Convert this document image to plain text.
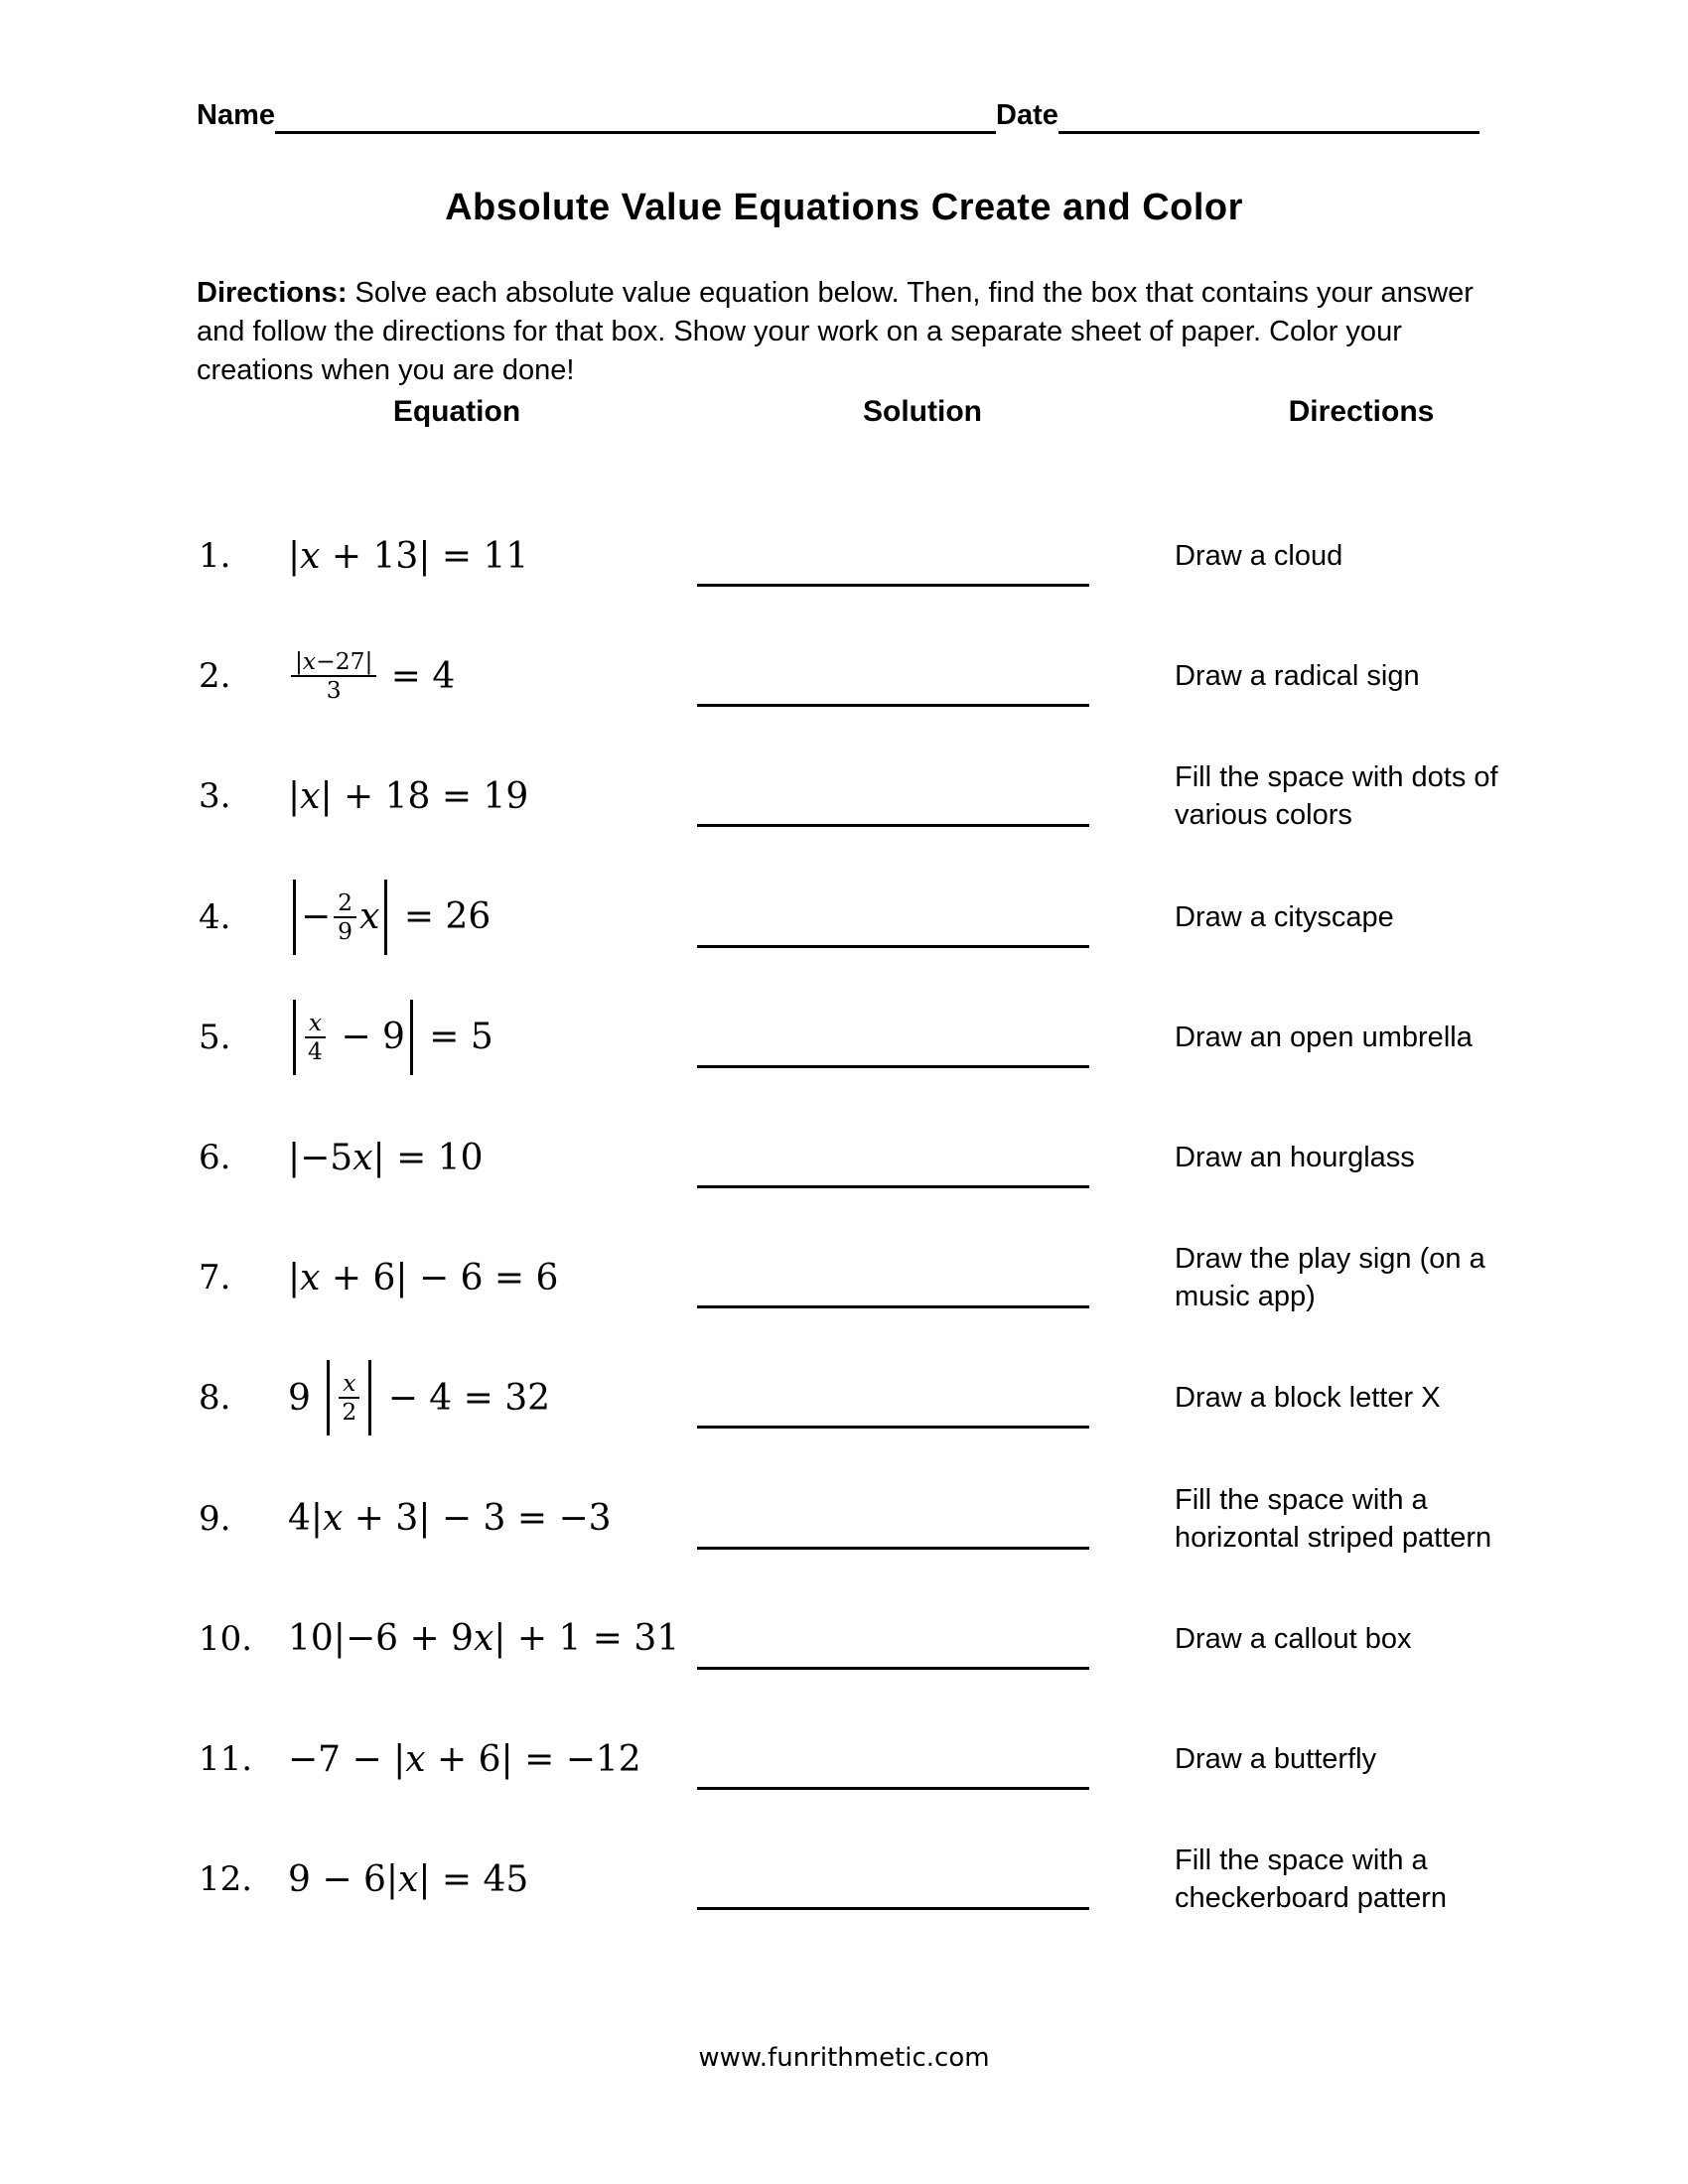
Name	Date
Absolute Value Equations Create and Color
Directions: Solve each absolute value equation below. Then, find the box that contains your answer and follow the directions for that box. Show your work on a separate sheet of paper. Color your creations when you are done!
Equation	Solution	Directions
1.	|x + 13| = 11	Draw a cloud
2.	$\frac{|x-27|}{3} = 4$	Draw a radical sign
3.	|x| + 18 = 19	Fill the space with dots of various colors
4.	− $\frac{2}{9}$ x = 26	Draw a cityscape
5.	$\frac{x}{4} - 9 = 5$	Draw an open umbrella
6.	|−5x| = 10	Draw an hourglass
7.	|x + 6| − 6 = 6	Draw the play sign (on a music app)
8.	$9 \frac{x}{2} - 4 = 32$	Draw a block letter X
9.	4|x + 3| − 3 = −3	Fill the space with a horizontal striped pattern
10. 10|−6 + 9x| + 1 = 31	Draw a callout box
11. −7 − |x + 6| = −12	Draw a butterfly
12. 9 − 6|x| = 45	Fill the space with a checkerboard pattern
www.funrithmetic.com
